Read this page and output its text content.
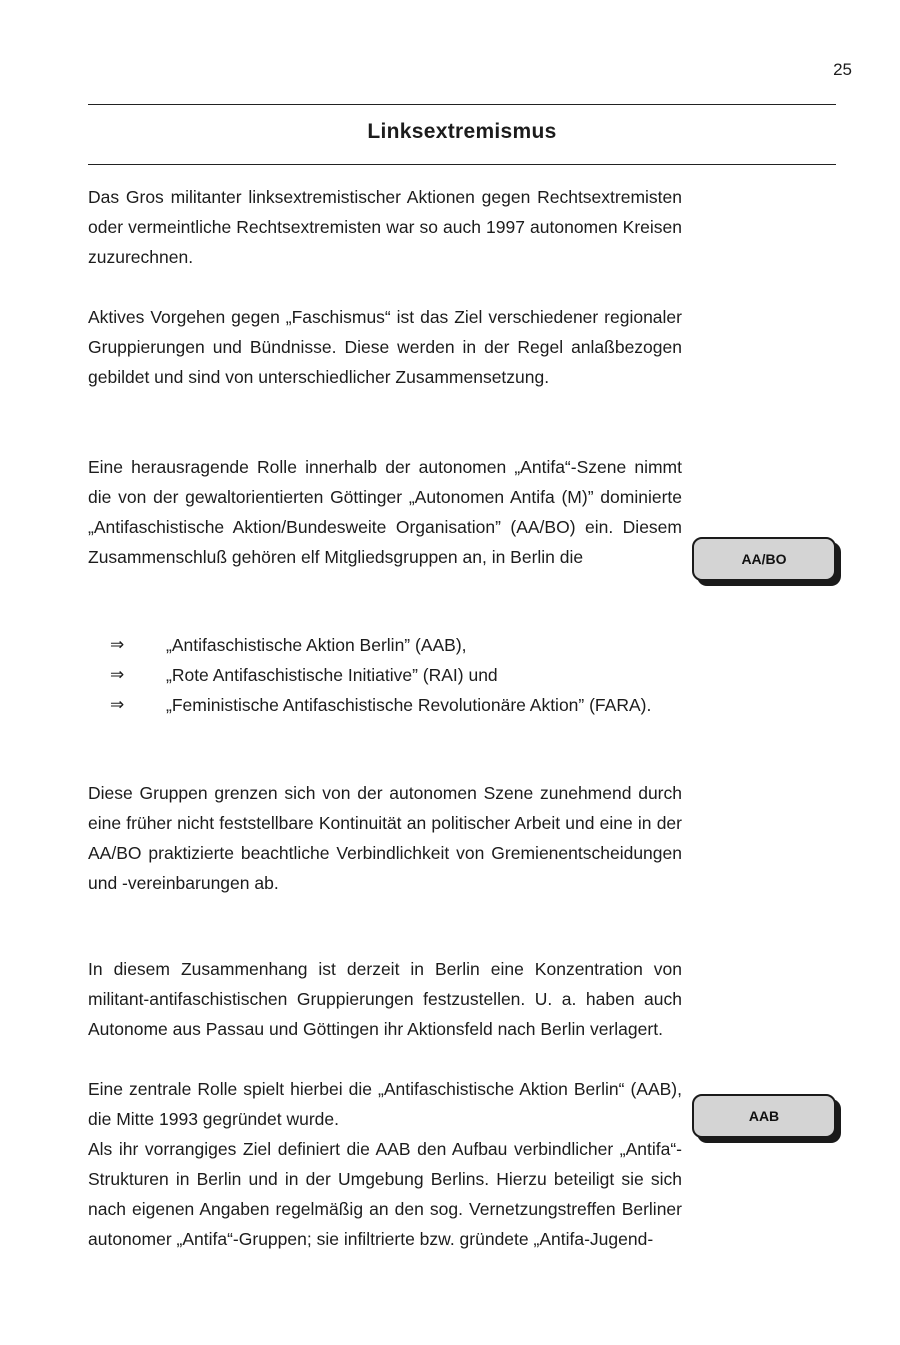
25
Linksextremismus

Das Gros militanter linksextremistischer Aktionen gegen Rechtsextremisten oder vermeintliche Rechtsextremisten war so auch 1997 autonomen Kreisen zuzurechnen.

Aktives Vorgehen gegen „Faschismus“ ist das Ziel verschiedener regionaler Gruppierungen und Bündnisse. Diese werden in der Regel anlaßbezogen gebildet und sind von unterschiedlicher Zusammensetzung.

Eine herausragende Rolle innerhalb der autonomen „Antifa“-Szene nimmt die von der gewaltorientierten Göttinger „Autonomen Antifa (M)” dominierte „Antifaschistische Aktion/Bundesweite Organisation” (AA/BO) ein. Diesem Zusammenschluß gehören elf Mitgliedsgruppen an, in Berlin die

⇒ „Antifaschistische Aktion Berlin” (AAB),
⇒ „Rote Antifaschistische Initiative” (RAI) und
⇒ „Feministische Antifaschistische Revolutionäre Aktion” (FARA).

Diese Gruppen grenzen sich von der autonomen Szene zunehmend durch eine früher nicht feststellbare Kontinuität an politischer Arbeit und eine in der AA/BO praktizierte beachtliche Verbindlichkeit von Gremienentscheidungen und -vereinbarungen ab.

In diesem Zusammenhang ist derzeit in Berlin eine Konzentration von militant-antifaschistischen Gruppierungen festzustellen. U. a. haben auch Autonome aus Passau und Göttingen ihr Aktionsfeld nach Berlin verlagert.

Eine zentrale Rolle spielt hierbei die „Antifaschistische Aktion Berlin“ (AAB), die Mitte 1993 gegründet wurde.

Als ihr vorrangiges Ziel definiert die AAB den Aufbau verbindlicher „Antifa“-Strukturen in Berlin und in der Umgebung Berlins. Hierzu beteiligt sie sich nach eigenen Angaben regelmäßig an den sog. Vernetzungstreffen Berliner autonomer „Antifa“-Gruppen; sie infiltrierte bzw. gründete „Antifa-Jugend-

AA/BO
AAB
